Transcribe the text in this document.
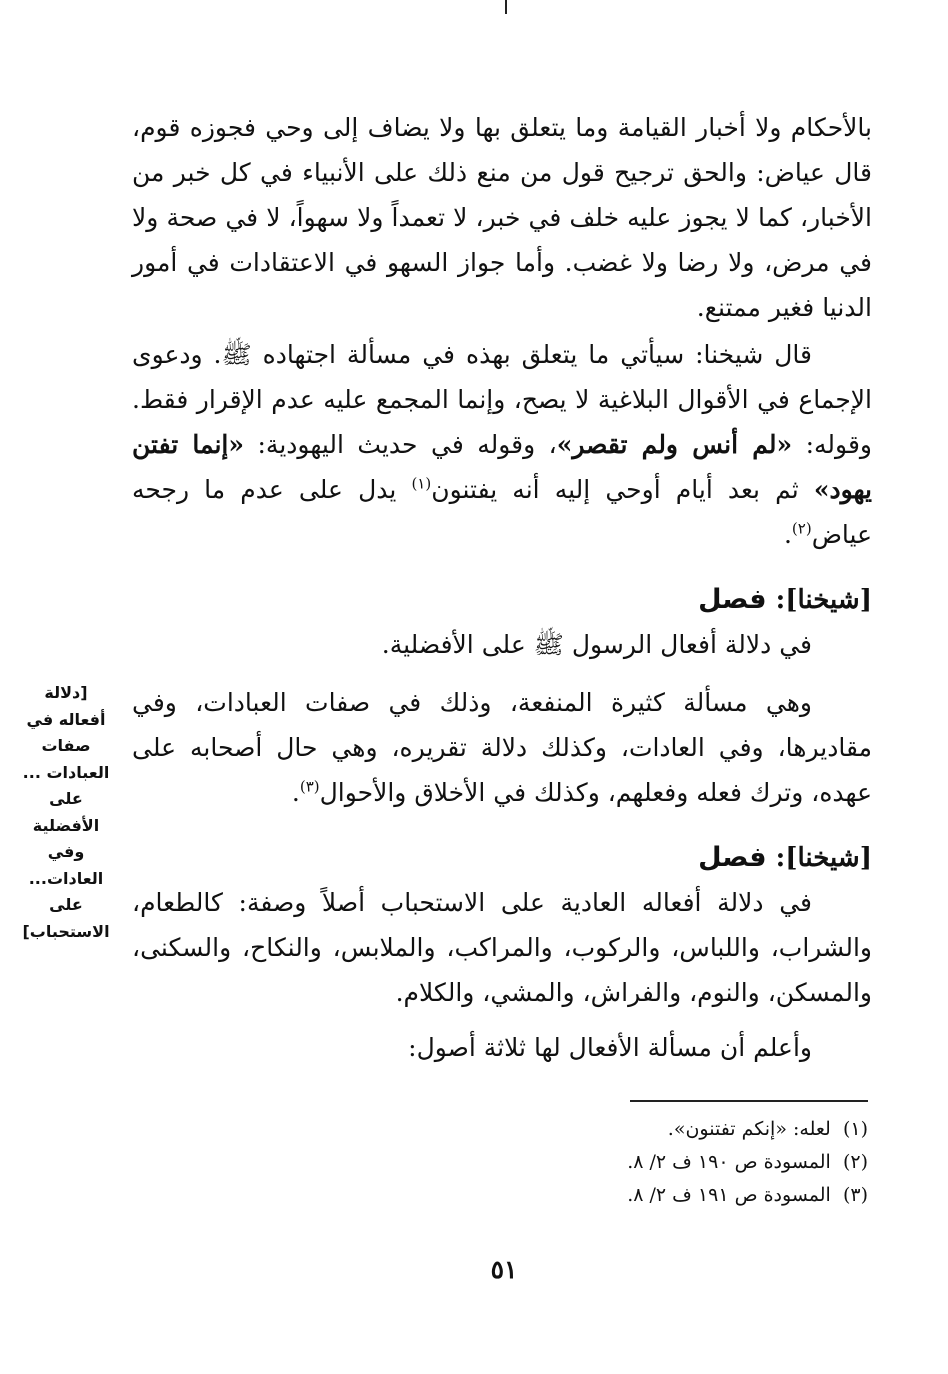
بالأحكام ولا أخبار القيامة وما يتعلق بها ولا يضاف إلى وحي فجوزه قوم، قال عياض: والحق ترجيح قول من منع ذلك على الأنبياء في كل خبر من الأخبار، كما لا يجوز عليه خلف في خبر، لا تعمداً ولا سهواً، لا في صحة ولا في مرض، ولا رضا ولا غضب. وأما جواز السهو في الاعتقادات في أمور الدنيا فغير ممتنع.

قال شيخنا: سيأتي ما يتعلق بهذه في مسألة اجتهاده ﷺ. ودعوى الإجماع في الأقوال البلاغية لا يصح، وإنما المجمع عليه عدم الإقرار فقط. وقوله: «لم أنس ولم تقصر»، وقوله في حديث اليهودية: «إنما تفتن يهود» ثم بعد أيام أوحي إليه أنه يفتنون$^{(١)}$ يدل على عدم ما رجحه عياض$^{(٢)}$.

[شيخنا]: فصل

في دلالة أفعال الرسول ﷺ على الأفضلية.

وهي مسألة كثيرة المنفعة، وذلك في صفات العبادات، وفي مقاديرها، وفي العادات، وكذلك دلالة تقريره، وهي حال أصحابه على عهده، وترك فعله وفعلهم، وكذلك في الأخلاق والأحوال$^{(٣)}$.

[دلالة
أفعاله في
صفات
العبادات ...
على
الأفضلية
وفي
العادات...
على
الاستحباب]
[شيخنا]: فصل

في دلالة أفعاله العادية على الاستحباب أصلاً وصفة: كالطعام، والشراب، واللباس، والركوب، والمراكب، والملابس، والنكاح، والسكنى، والمسكن، والنوم، والفراش، والمشي، والكلام.

وأعلم أن مسألة الأفعال لها ثلاثة أصول:

(١)  لعله: «إنكم تفتنون».

(٢)  المسودة ص ١٩٠ ف ٢/ ٨.

(٣)  المسودة ص ١٩١ ف ٢/ ٨.

٥١
